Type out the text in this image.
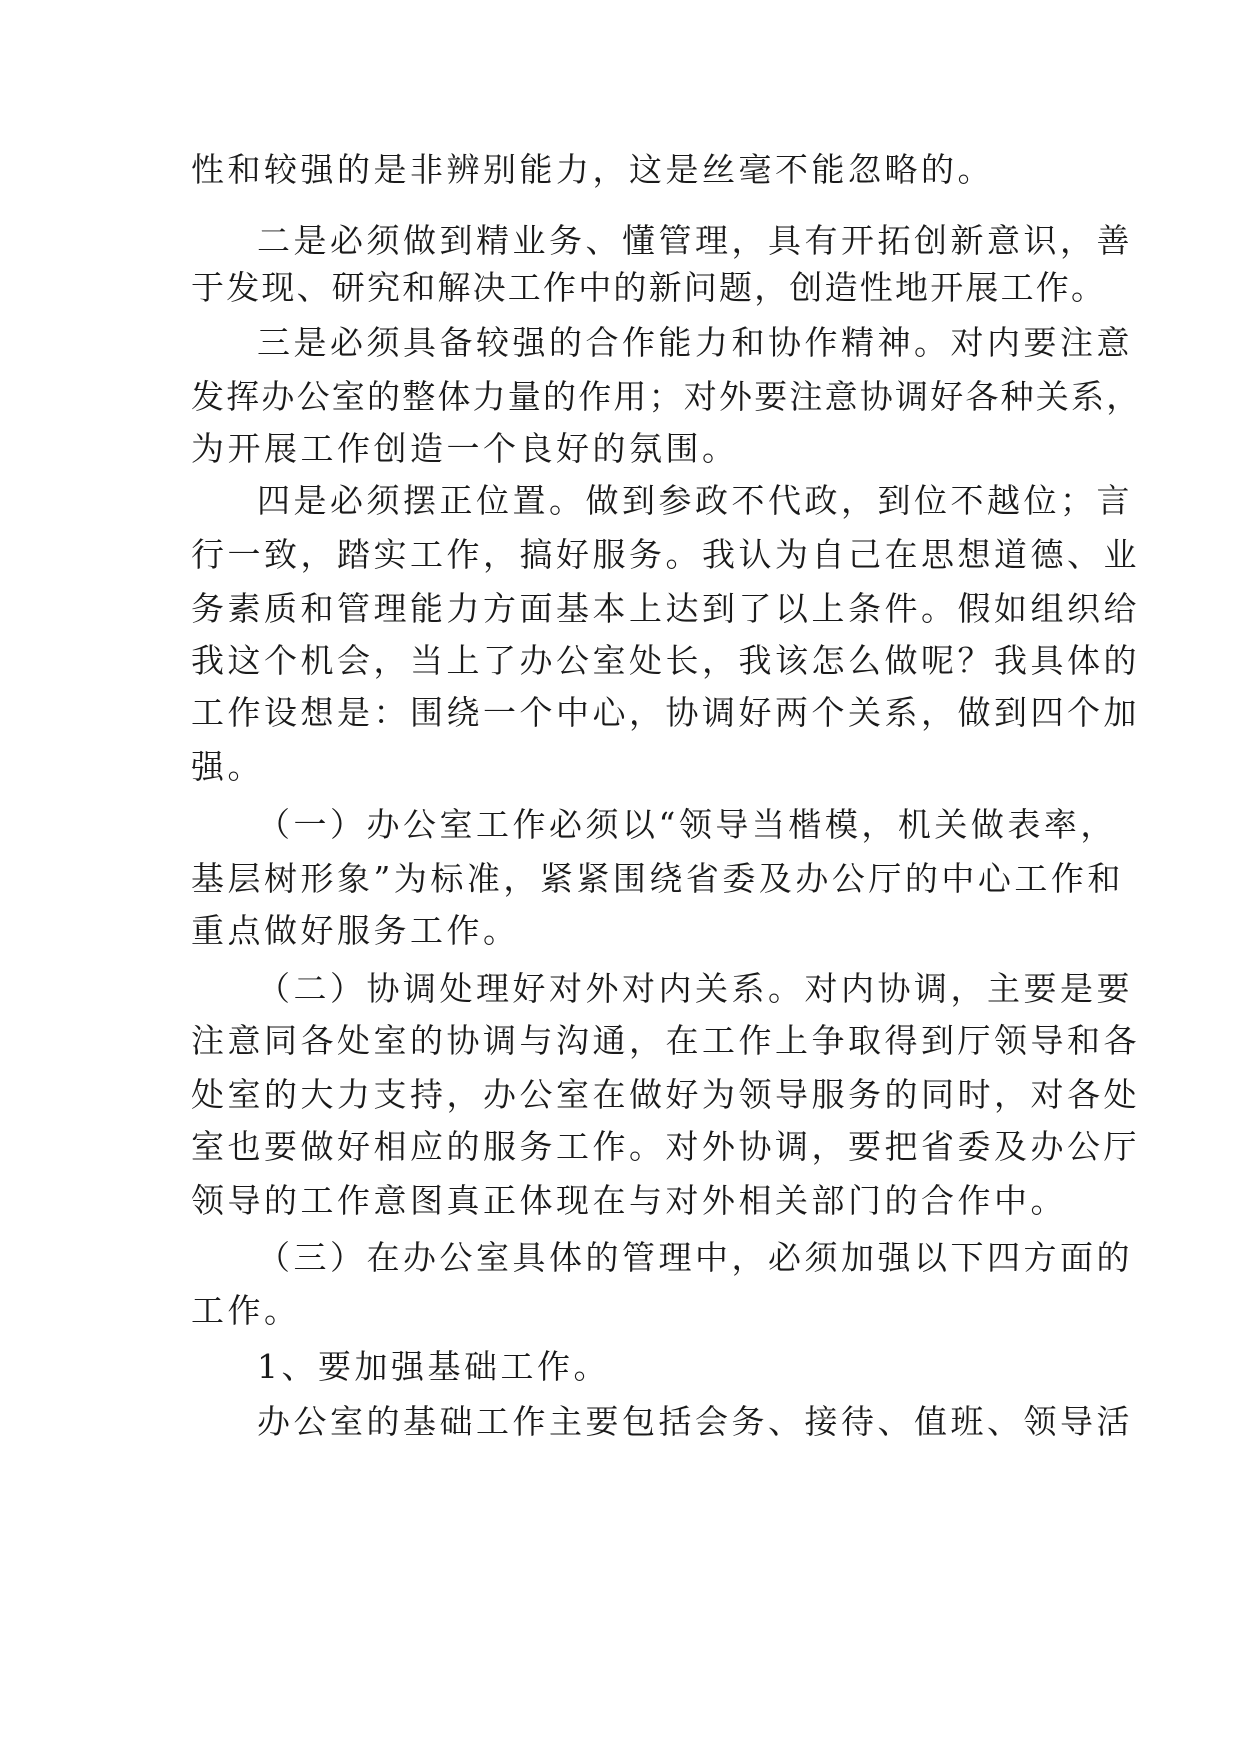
性和较强的是非辨别能力，这是丝毫不能忽略的。
二是必须做到精业务、懂管理，具有开拓创新意识，善
于发现、研究和解决工作中的新问题，创造性地开展工作。
三是必须具备较强的合作能力和协作精神。对内要注意
发挥办公室的整体力量的作用；对外要注意协调好各种关系，
为开展工作创造一个良好的氛围。
四是必须摆正位置。做到参政不代政，到位不越位；言
行一致，踏实工作，搞好服务。我认为自己在思想道德、业
务素质和管理能力方面基本上达到了以上条件。假如组织给
我这个机会，当上了办公室处长，我该怎么做呢？我具体的
工作设想是：围绕一个中心，协调好两个关系，做到四个加
强。
（一）办公室工作必须以“领导当楷模，机关做表率，
基层树形象”为标准，紧紧围绕省委及办公厅的中心工作和
重点做好服务工作。
（二）协调处理好对外对内关系。对内协调，主要是要
注意同各处室的协调与沟通，在工作上争取得到厅领导和各
处室的大力支持，办公室在做好为领导服务的同时，对各处
室也要做好相应的服务工作。对外协调，要把省委及办公厅
领导的工作意图真正体现在与对外相关部门的合作中。
（三）在办公室具体的管理中，必须加强以下四方面的
工作。
1、要加强基础工作。
办公室的基础工作主要包括会务、接待、值班、领导活
